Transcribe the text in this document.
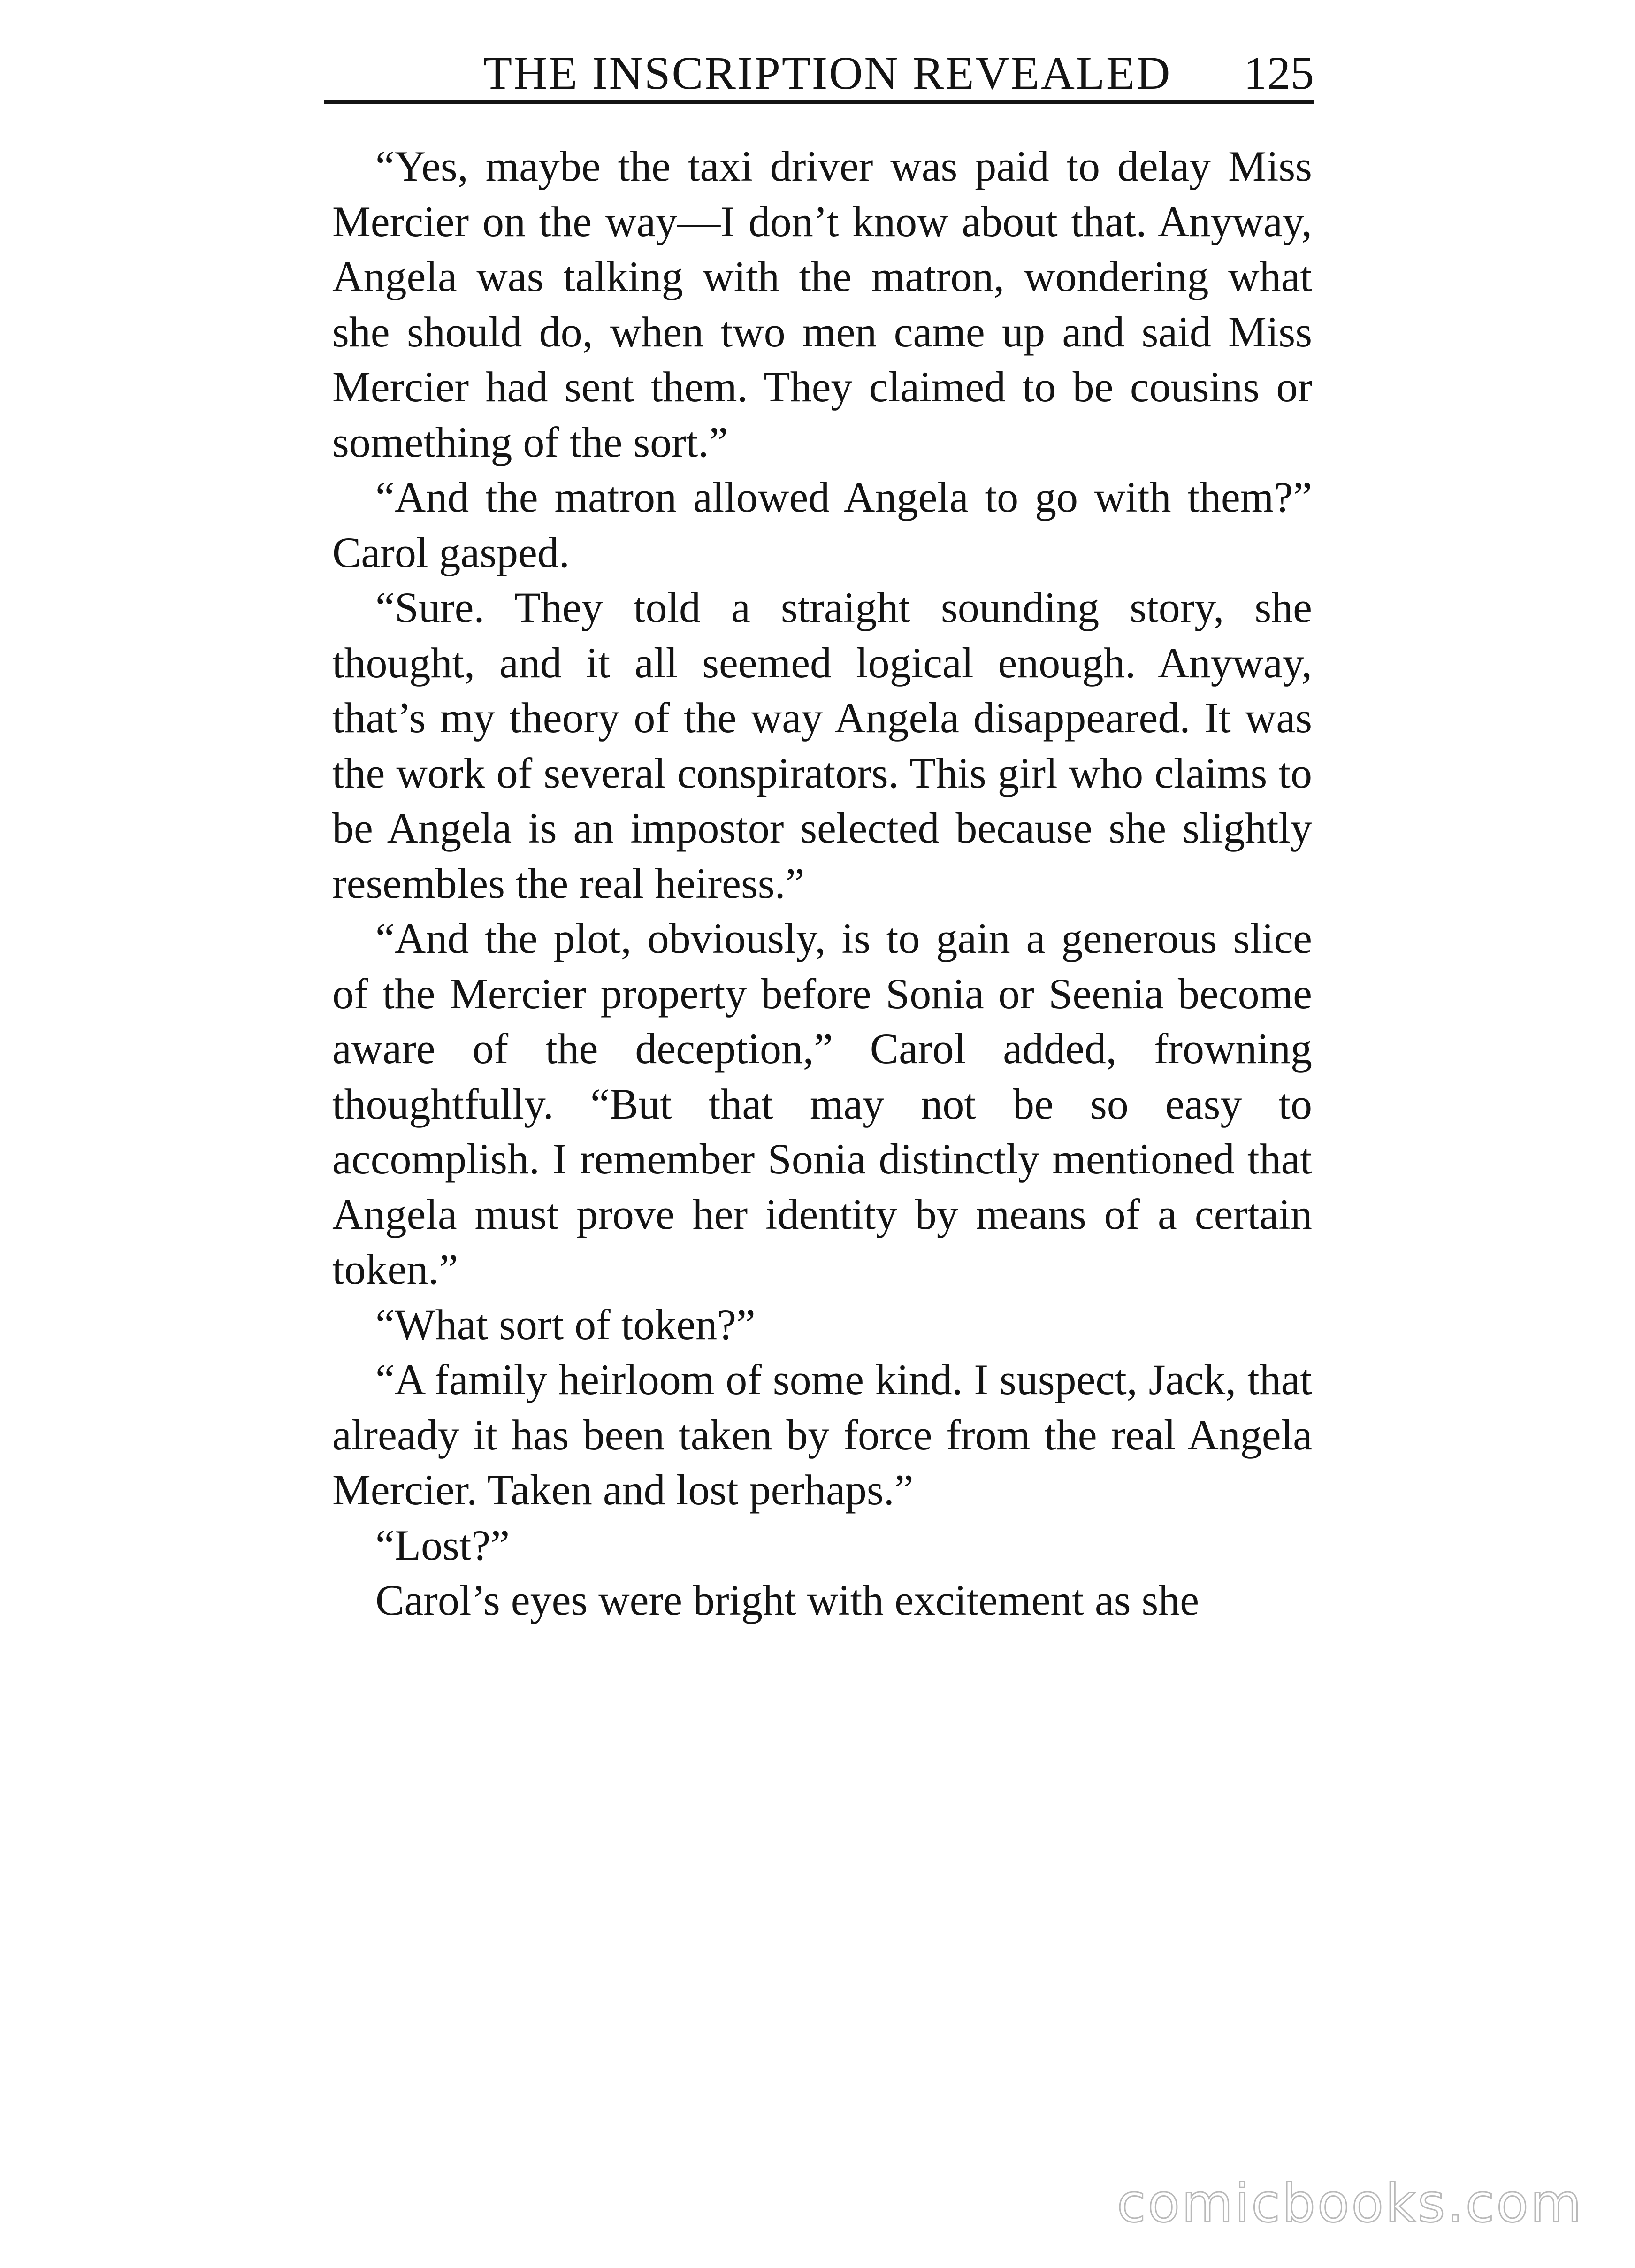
THE INSCRIPTION REVEALED 125

“Yes, maybe the taxi driver was paid to delay Miss Mercier on the way—I don’t know about that. Anyway, Angela was talking with the matron, wondering what she should do, when two men came up and said Miss Mercier had sent them. They claimed to be cousins or something of the sort.”

“And the matron allowed Angela to go with them?” Carol gasped.

“Sure. They told a straight sounding story, she thought, and it all seemed logical enough. Anyway, that’s my theory of the way Angela disappeared. It was the work of several conspirators. This girl who claims to be Angela is an impostor selected because she slightly resembles the real heiress.”

“And the plot, obviously, is to gain a generous slice of the Mercier property before Sonia or Seenia become aware of the deception,” Carol added, frowning thoughtfully. “But that may not be so easy to accomplish. I remember Sonia distinctly mentioned that Angela must prove her identity by means of a certain token.”

“What sort of token?”

“A family heirloom of some kind. I suspect, Jack, that already it has been taken by force from the real Angela Mercier. Taken and lost perhaps.”

“Lost?”

Carol’s eyes were bright with excitement as she

comicbooks.com
